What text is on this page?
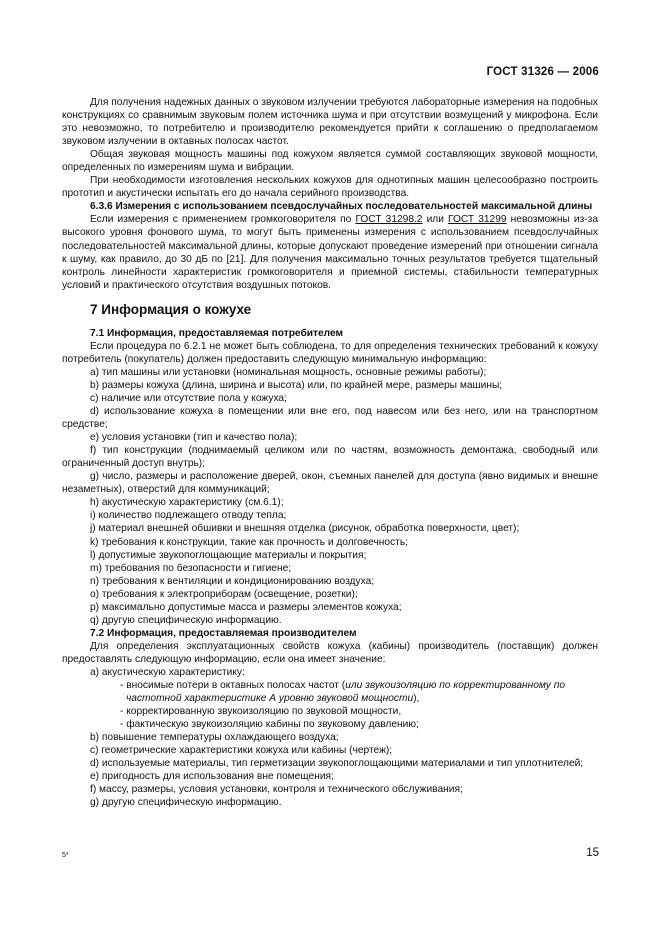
ГОСТ 31326 — 2006

Для получения надежных данных о звуковом излучении требуются лабораторные измерения на подобных конструкциях со сравнимым звуковым полем источника шума и при отсутствии возмущений у микрофона. Если это невозможно, то потребителю и производителю рекомендуется прийти к соглашению о предполагаемом звуковом излучении в октавных полосах частот.

Общая звуковая мощность машины под кожухом является суммой составляющих звуковой мощности, определенных по измерениям шума и вибрации.

При необходимости изготовления нескольких кожухов для однотипных машин целесообразно построить прототип и акустически испытать его до начала серийного производства.

6.3.6 Измерения с использованием псевдослучайных последовательностей максимальной длины

Если измерения с применением громкоговорителя по ГОСТ 31298.2 или ГОСТ 31299 невозможны из-за высокого уровня фонового шума, то могут быть применены измерения с использованием псевдослучайных последовательностей максимальной длины, которые допускают проведение измерений при отношении сигнала к шуму, как правило, до 30 дБ по [21]. Для получения максимально точных результатов требуется тщательный контроль линейности характеристик громкоговорителя и приемной системы, стабильности температурных условий и практического отсутствия воздушных потоков.

7 Информация о кожухе

7.1 Информация, предоставляемая потребителем

Если процедура по 6.2.1 не может быть соблюдена, то для определения технических требований к кожуху потребитель (покупатель) должен предоставить следующую минимальную информацию:

a) тип машины или установки (номинальная мощность, основные режимы работы);

b) размеры кожуха (длина, ширина и высота) или, по крайней мере, размеры машины;

c) наличие или отсутствие пола у кожуха;

d) использование кожуха в помещении или вне его, под навесом или без него, или на транспортном средстве;

e) условия установки (тип и качество пола);

f) тип конструкции (поднимаемый целиком или по частям, возможность демонтажа, свободный или ограниченный доступ внутрь);

g) число, размеры и расположение дверей, окон, съемных панелей для доступа (явно видимых и внешне незаметных), отверстий для коммуникаций;

h) акустическую характеристику (см.6.1);

i) количество подлежащего отводу тепла;

j) материал внешней обшивки и внешняя отделка (рисунок, обработка поверхности, цвет);

k) требования к конструкции, такие как прочность и долговечность;

l) допустимые звукопоглощающие материалы и покрытия;

m) требования по безопасности и гигиене;

n) требования к вентиляции и кондиционированию воздуха;

o) требования к электроприборам (освещение, розетки);

p) максимально допустимые масса и размеры элементов кожуха;

q) другую специфическую информацию.

7.2 Информация, предоставляемая производителем

Для определения эксплуатационных свойств кожуха (кабины) производитель (поставщик) должен предоставлять следующую информацию, если она имеет значение:

a) акустическую характеристику:

- вносимые потери в октавных полосах частот (или звукоизоляцию по корректированному по

частотной характеристике А уровню звуковой мощности),

- корректированную звукоизоляцию по звуковой мощности,

- фактическую звукоизоляцию кабины по звуковому давлению;

b) повышение температуры охлаждающего воздуха;

c) геометрические характеристики кожуха или кабины (чертеж);

d) используемые материалы, тип герметизации звукопоглощающими материалами и тип уплотнителей;

e) пригодность для использования вне помещения;

f) массу, размеры, условия установки, контроля и технического обслуживания;

g) другую специфическую информацию.

5*	15
